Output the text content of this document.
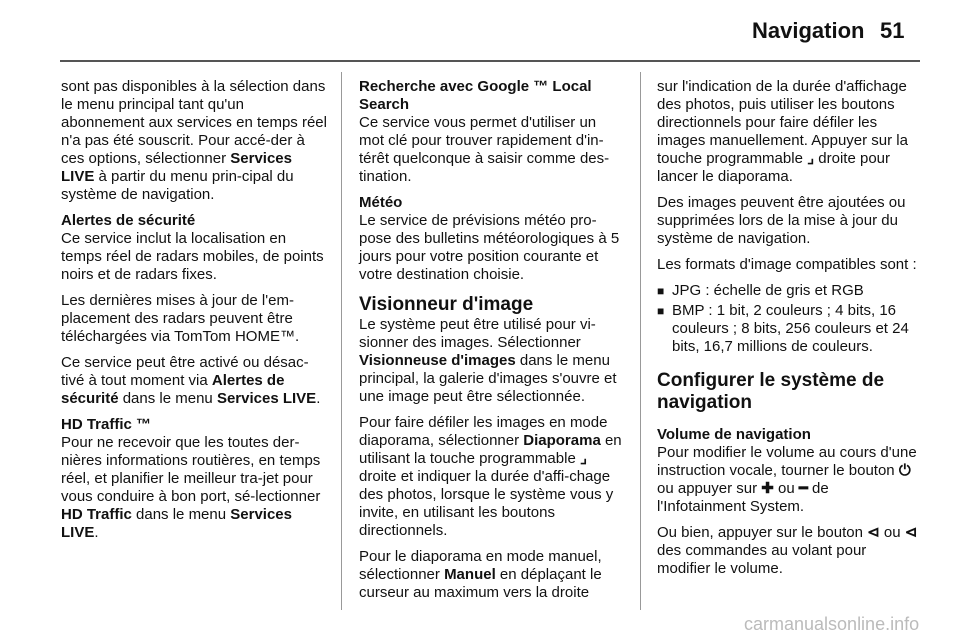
Navigation 51

sont pas disponibles à la sélection dans le menu principal tant qu'un abonnement aux services en temps réel n'a pas été souscrit. Pour accé-der à ces options, sélectionner Services LIVE à partir du menu prin-cipal du système de navigation.

Alertes de sécurité

Ce service inclut la localisation en temps réel de radars mobiles, de points noirs et de radars fixes.

Les dernières mises à jour de l'em-placement des radars peuvent être téléchargées via TomTom HOME™.

Ce service peut être activé ou désac-tivé à tout moment via Alertes de sécurité dans le menu Services LIVE.

HD Traffic ™

Pour ne recevoir que les toutes der-nières informations routières, en temps réel, et planifier le meilleur tra-jet pour vous conduire à bon port, sé-lectionner HD Traffic dans le menu Services LIVE.

Recherche avec Google ™ Local Search

Ce service vous permet d'utiliser un mot clé pour trouver rapidement d'in-térêt quelconque à saisir comme des-tination.

Météo

Le service de prévisions météo pro-pose des bulletins météorologiques à 5 jours pour votre position courante et votre destination choisie.

Visionneur d'image

Le système peut être utilisé pour vi-sionner des images. Sélectionner Visionneuse d'images dans le menu principal, la galerie d'images s'ouvre et une image peut être sélectionnée.

Pour faire défiler les images en mode diaporama, sélectionner Diaporama en utilisant la touche programmable ⌟ droite et indiquer la durée d'affi-chage des photos, lorsque le système vous y invite, en utilisant les boutons directionnels.

Pour le diaporama en mode manuel, sélectionner Manuel en déplaçant le curseur au maximum vers la droite

sur l'indication de la durée d'affichage des photos, puis utiliser les boutons directionnels pour faire défiler les images manuellement. Appuyer sur la touche programmable ⌟ droite pour lancer le diaporama.

Des images peuvent être ajoutées ou supprimées lors de la mise à jour du système de navigation.

Les formats d'image compatibles sont :

■ JPG : échelle de gris et RGB
■ BMP : 1 bit, 2 couleurs ; 4 bits, 16 couleurs ; 8 bits, 256 couleurs et 24 bits, 16,7 millions de couleurs.
Configurer le système de navigation
Volume de navigation

Pour modifier le volume au cours d'une instruction vocale, tourner le bouton ⏻ ou appuyer sur ✚ ou ━ de l'Infotainment System.

Ou bien, appuyer sur le bouton ⊲ ou ⊲ des commandes au volant pour modifier le volume.

carmanualsonline.info
